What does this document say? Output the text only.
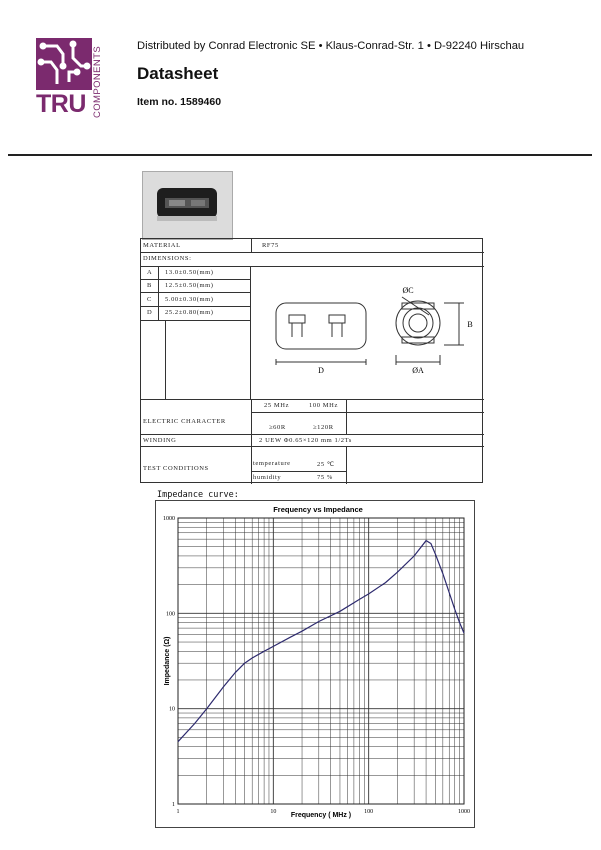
TRU COMPONENTS	Distributed by Conrad Electronic SE • Klaus-Conrad-Str. 1 • D-92240 Hirschau
Datasheet
Item no. 1589460
MATERIAL	RF75
DIMENSIONS:
A 13.0±0.50(mm)
B 12.5±0.50(mm)
C 5.00±0.30(mm)
D 25.2±0.80(mm)
D	ØA
ØC
B
ELECTRIC CHARACTER
25 MHz	100 MHz
≥60R	≥120R
WINDING	2 UEW Φ0.65×120 mm 1/2Ts
TEST CONDITIONS
temperature	25 ℃
humidity	75 %
Impedance curve:
Frequency vs Impedance
1	10	100	1000
1000
100
10
1
Frequency ( MHz )
Impedance (Ω)
